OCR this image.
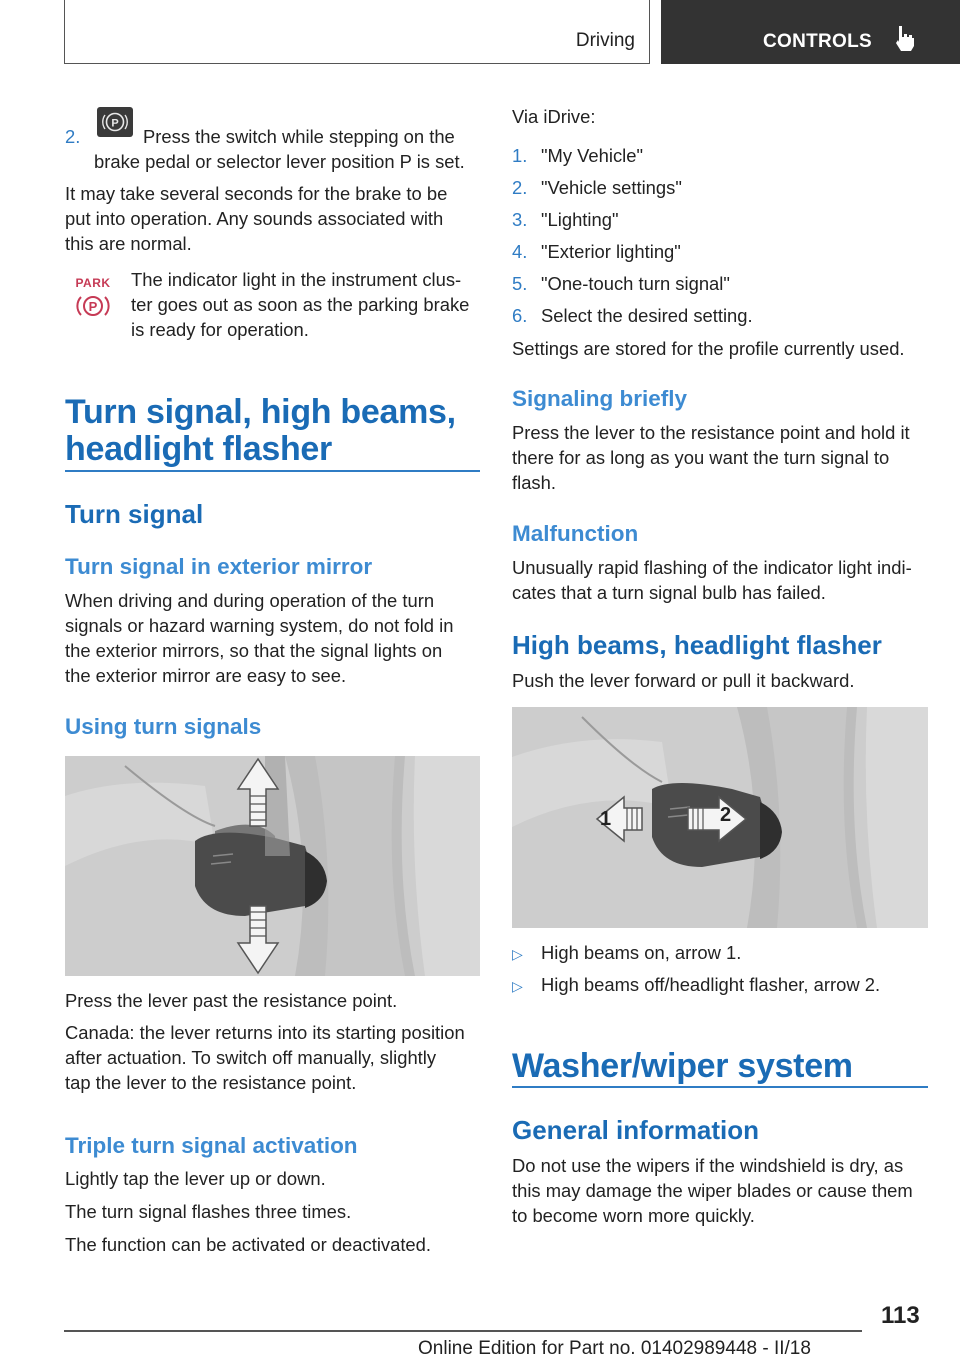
Driving	CONTROLS
2.
P
Press the switch while stepping on the
brake pedal or selector lever position P is set.
It may take several seconds for the brake to be
put into operation. Any sounds associated with
this are normal.
PARK
P
The indicator light in the instrument clus-
ter goes out as soon as the parking brake
is ready for operation.
Turn signal, high beams,
headlight flasher
Turn signal
Turn signal in exterior mirror
When driving and during operation of the turn
signals or hazard warning system, do not fold in
the exterior mirrors, so that the signal lights on
the exterior mirror are easy to see.
Using turn signals
Press the lever past the resistance point.
Canada: the lever returns into its starting position
after actuation. To switch off manually, slightly
tap the lever to the resistance point.
Triple turn signal activation
Lightly tap the lever up or down.
The turn signal flashes three times.
The function can be activated or deactivated.
Via iDrive:
1. "My Vehicle"
2. "Vehicle settings"
3. "Lighting"
4. "Exterior lighting"
5. "One-touch turn signal"
6. Select the desired setting.
Settings are stored for the profile currently used.
Signaling briefly
Press the lever to the resistance point and hold it
there for as long as you want the turn signal to
flash.
Malfunction
Unusually rapid flashing of the indicator light indi-
cates that a turn signal bulb has failed.
High beams, headlight flasher
Push the lever forward or pull it backward.
1	2
▷ High beams on, arrow 1.
▷ High beams off/headlight flasher, arrow 2.
Washer/wiper system
General information
Do not use the wipers if the windshield is dry, as
this may damage the wiper blades or cause them
to become worn more quickly.
113
Online Edition for Part no. 01402989448 - II/18
